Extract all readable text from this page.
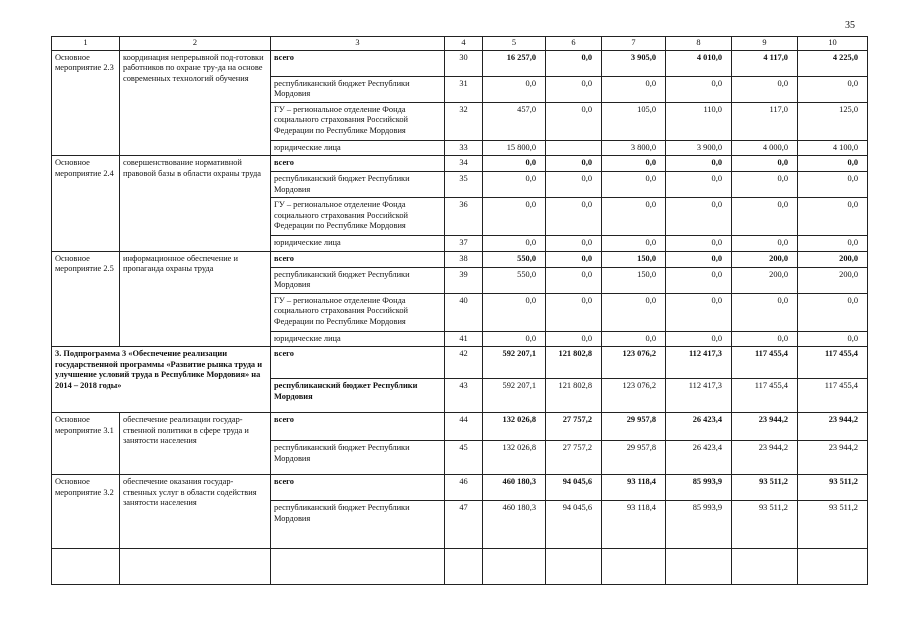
35
1	2	3	4	5	6	7	8	9	10
Основное мероприятие 2.3	координация непрерывной под-готовки работников по охране тру-да на основе современных технологий обучения	всего	30	16 257,0	0,0	3 905,0	4 010,0	4 117,0	4 225,0
		республиканский бюджет Республики Мордовия	31	0,0	0,0	0,0	0,0	0,0	0,0
		ГУ – региональное отделение Фонда социального страхования Российской Федерации по Республике Мордовия	32	457,0	0,0	105,0	110,0	117,0	125,0
		юридические лица	33	15 800,0		3 800,0	3 900,0	4 000,0	4 100,0
Основное мероприятие 2.4	совершенствование нормативной правовой базы в области охраны труда	всего	34	0,0	0,0	0,0	0,0	0,0	0,0
		республиканский бюджет Республики Мордовия	35	0,0	0,0	0,0	0,0	0,0	0,0
		ГУ – региональное отделение Фонда социального страхования Российской Федерации по Республике Мордовия	36	0,0	0,0	0,0	0,0	0,0	0,0
		юридические лица	37	0,0	0,0	0,0	0,0	0,0	0,0
Основное мероприятие 2.5	информационное обеспечение и пропаганда охраны труда	всего	38	550,0	0,0	150,0	0,0	200,0	200,0
		республиканский бюджет Республики Мордовия	39	550,0	0,0	150,0	0,0	200,0	200,0
		ГУ – региональное отделение Фонда социального страхования Российской Федерации по Республике Мордовия	40	0,0	0,0	0,0	0,0	0,0	0,0
		юридические лица	41	0,0	0,0	0,0	0,0	0,0	0,0
3. Подпрограмма 3 «Обеспечение реализации государственной программы «Развитие рынка труда и улучшение условий труда в Республике Мордовия» на 2014 – 2018 годы»		всего	42	592 207,1	121 802,8	123 076,2	112 417,3	117 455,4	117 455,4
		республиканский бюджет Республики Мордовия	43	592 207,1	121 802,8	123 076,2	112 417,3	117 455,4	117 455,4
Основное мероприятие 3.1	обеспечение реализации государ-ственной политики в сфере труда и занятости населения	всего	44	132 026,8	27 757,2	29 957,8	26 423,4	23 944,2	23 944,2
		республиканский бюджет Республики Мордовия	45	132 026,8	27 757,2	29 957,8	26 423,4	23 944,2	23 944,2
Основное мероприятие 3.2	обеспечение оказания государ-ственных услуг в области содействия занятости населения	всего	46	460 180,3	94 045,6	93 118,4	85 993,9	93 511,2	93 511,2
		республиканский бюджет Республики Мордовия	47	460 180,3	94 045,6	93 118,4	85 993,9	93 511,2	93 511,2
